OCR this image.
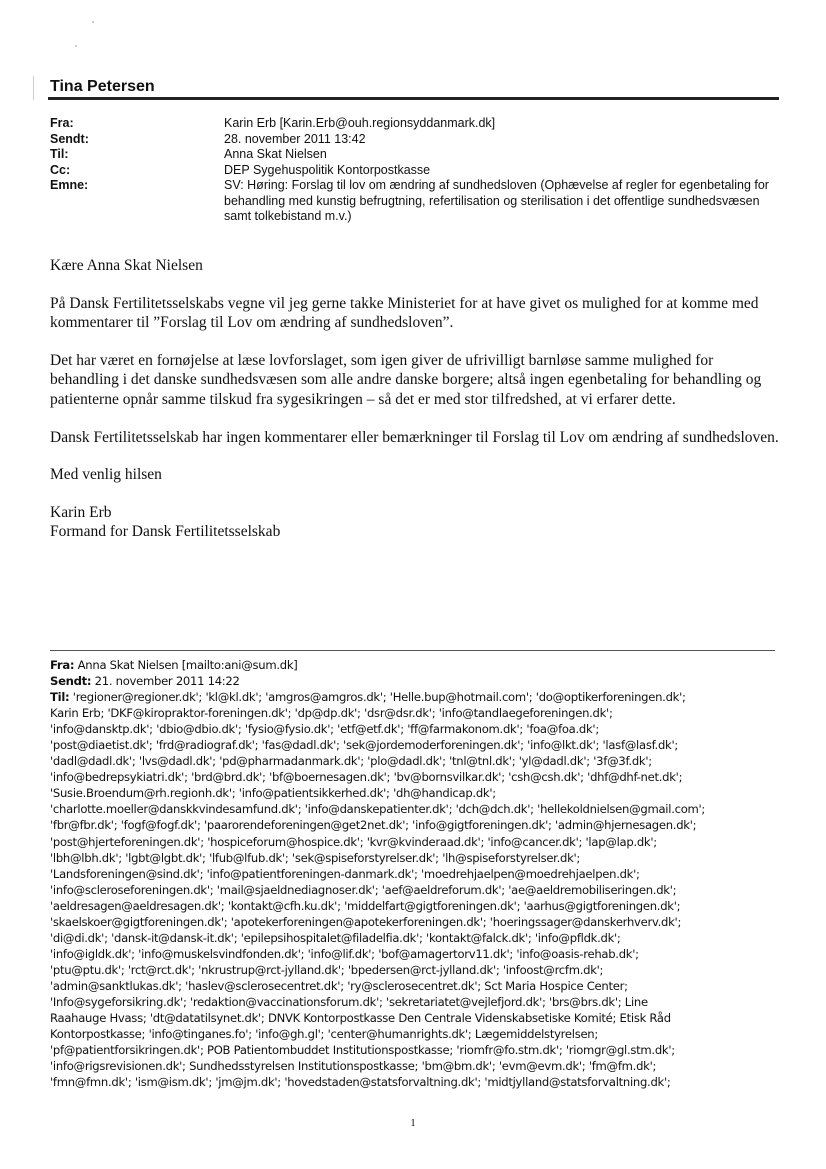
Tina Petersen
Fra:	Karin Erb [Karin.Erb@ouh.regionsyddanmark.dk]
Sendt:	28. november 2011 13:42
Til:	Anna Skat Nielsen
Cc:	DEP Sygehuspolitik Kontorpostkasse
Emne:	SV: Høring: Forslag til lov om ændring af sundhedsloven (Ophævelse af regler for egenbetaling for behandling med kunstig befrugtning, refertilisation og sterilisation i det offentlige sundhedsvæsen samt tolkebistand m.v.)

Kære Anna Skat Nielsen

På Dansk Fertilitetsselskabs vegne vil jeg gerne takke Ministeriet for at have givet os mulighed for at komme med kommentarer til ”Forslag til Lov om ændring af sundhedsloven”.

Det har været en fornøjelse at læse lovforslaget, som igen giver de ufrivilligt barnløse samme mulighed for behandling i det danske sundhedsvæsen som alle andre danske borgere; altså ingen egenbetaling for behandling og patienterne opnår samme tilskud fra sygesikringen – så det er med stor tilfredshed, at vi erfarer dette.

Dansk Fertilitetsselskab har ingen kommentarer eller bemærkninger til Forslag til Lov om ændring af sundhedsloven.

Med venlig hilsen

Karin Erb

Formand for Dansk Fertilitetsselskab

Fra: Anna Skat Nielsen [mailto:ani@sum.dk]
Sendt: 21. november 2011 14:22
Til: 'regioner@regioner.dk'; 'kl@kl.dk'; 'amgros@amgros.dk'; 'Helle.bup@hotmail.com'; 'do@optikerforeningen.dk';
Karin Erb; 'DKF@kiropraktor-foreningen.dk'; 'dp@dp.dk'; 'dsr@dsr.dk'; 'info@tandlaegeforeningen.dk';
'info@dansktp.dk'; 'dbio@dbio.dk'; 'fysio@fysio.dk'; 'etf@etf.dk'; 'ff@farmakonom.dk'; 'foa@foa.dk';
'post@diaetist.dk'; 'frd@radiograf.dk'; 'fas@dadl.dk'; 'sek@jordemoderforeningen.dk'; 'info@lkt.dk'; 'lasf@lasf.dk';
'dadl@dadl.dk'; 'lvs@dadl.dk'; 'pd@pharmadanmark.dk'; 'plo@dadl.dk'; 'tnl@tnl.dk'; 'yl@dadl.dk'; '3f@3f.dk';
'info@bedrepsykiatri.dk'; 'brd@brd.dk'; 'bf@boernesagen.dk'; 'bv@bornsvilkar.dk'; 'csh@csh.dk'; 'dhf@dhf-net.dk';
'Susie.Broendum@rh.regionh.dk'; 'info@patientsikkerhed.dk'; 'dh@handicap.dk';
'charlotte.moeller@danskkvindesamfund.dk'; 'info@danskepatienter.dk'; 'dch@dch.dk'; 'hellekoldnielsen@gmail.com';
'fbr@fbr.dk'; 'fogf@fogf.dk'; 'paarorendeforeningen@get2net.dk'; 'info@gigtforeningen.dk'; 'admin@hjernesagen.dk';
'post@hjerteforeningen.dk'; 'hospiceforum@hospice.dk'; 'kvr@kvinderaad.dk'; 'info@cancer.dk'; 'lap@lap.dk';
'lbh@lbh.dk'; 'lgbt@lgbt.dk'; 'lfub@lfub.dk'; 'sek@spiseforstyrelser.dk'; 'lh@spiseforstyrelser.dk';
'Landsforeningen@sind.dk'; 'info@patientforeningen-danmark.dk'; 'moedrehjaelpen@moedrehjaelpen.dk';
'info@scleroseforeningen.dk'; 'mail@sjaeldnediagnoser.dk'; 'aef@aeldreforum.dk'; 'ae@aeldremobiliseringen.dk';
'aeldresagen@aeldresagen.dk'; 'kontakt@cfh.ku.dk'; 'middelfart@gigtforeningen.dk'; 'aarhus@gigtforeningen.dk';
'skaelskoer@gigtforeningen.dk'; 'apotekerforeningen@apotekerforeningen.dk'; 'hoeringssager@danskerhverv.dk';
'di@di.dk'; 'dansk-it@dansk-it.dk'; 'epilepsihospitalet@filadelfia.dk'; 'kontakt@falck.dk'; 'info@pfldk.dk';
'info@igldk.dk'; 'info@muskelsvindfonden.dk'; 'info@lif.dk'; 'bof@amagertorv11.dk'; 'info@oasis-rehab.dk';
'ptu@ptu.dk'; 'rct@rct.dk'; 'nkrustrup@rct-jylland.dk'; 'bpedersen@rct-jylland.dk'; 'infoost@rcfm.dk';
'admin@sanktlukas.dk'; 'haslev@sclerosecentret.dk'; 'ry@sclerosecentret.dk'; Sct Maria Hospice Center;
'Info@sygeforsikring.dk'; 'redaktion@vaccinationsforum.dk'; 'sekretariatet@vejlefjord.dk'; 'brs@brs.dk'; Line
Raahauge Hvass; 'dt@datatilsynet.dk'; DNVK Kontorpostkasse Den Centrale Videnskabsetiske Komité; Etisk Råd
Kontorpostkasse; 'info@tinganes.fo'; 'info@gh.gl'; 'center@humanrights.dk'; Lægemiddelstyrelsen;
'pf@patientforsikringen.dk'; POB Patientombuddet Institutionspostkasse; 'riomfr@fo.stm.dk'; 'riomgr@gl.stm.dk';
'info@rigsrevisionen.dk'; Sundhedsstyrelsen Institutionspostkasse; 'bm@bm.dk'; 'evm@evm.dk'; 'fm@fm.dk';
'fmn@fmn.dk'; 'ism@ism.dk'; 'jm@jm.dk'; 'hovedstaden@statsforvaltning.dk'; 'midtjylland@statsforvaltning.dk';
1
